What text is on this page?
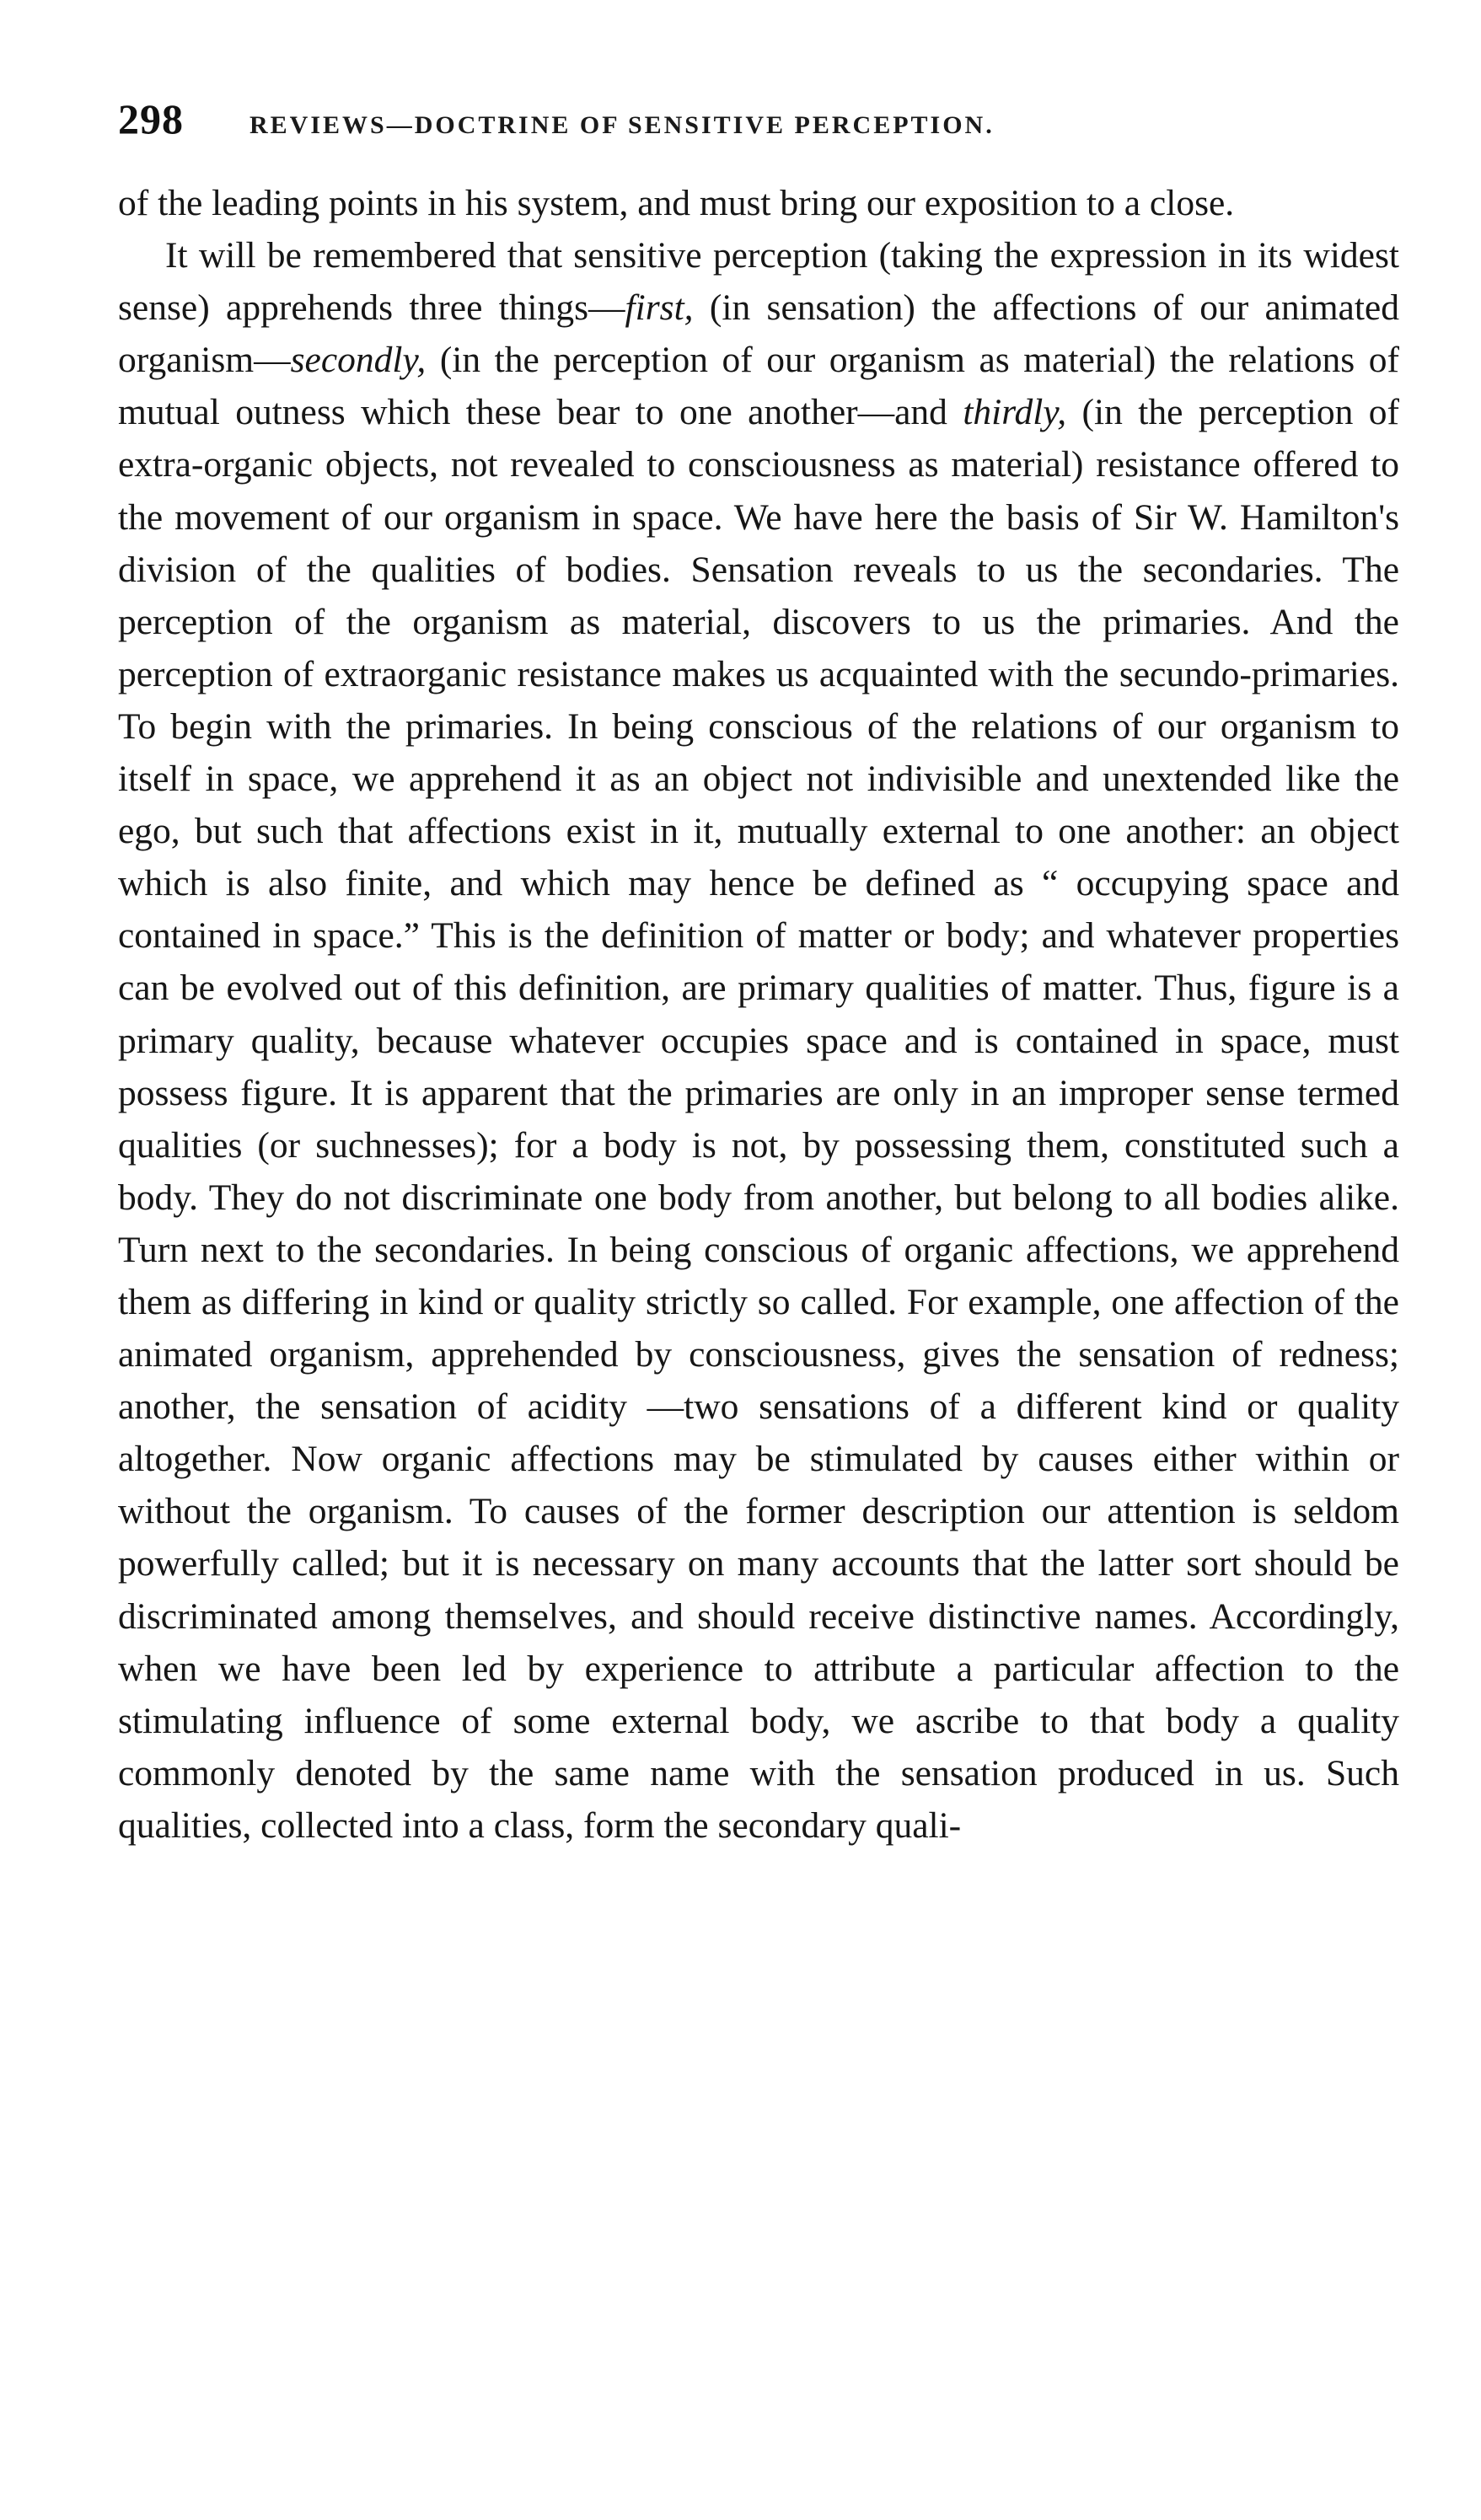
298	REVIEWS—DOCTRINE OF SENSITIVE PERCEPTION.

of the leading points in his system, and must bring our exposition to a close.

It will be remembered that sensitive perception (taking the expression in its widest sense) apprehends three things—first, (in sensation) the affections of our animated organism—secondly, (in the perception of our organism as material) the relations of mutual outness which these bear to one another—and thirdly, (in the perception of extra-organic objects, not revealed to consciousness as material) resistance offered to the movement of our organism in space. We have here the basis of Sir W. Hamilton's division of the qualities of bodies. Sensation reveals to us the secondaries. The perception of the organism as material, discovers to us the primaries. And the perception of extraorganic resistance makes us acquainted with the secundo-primaries. To begin with the primaries. In being conscious of the relations of our organism to itself in space, we apprehend it as an object not indivisible and unextended like the ego, but such that affections exist in it, mutually external to one another: an object which is also finite, and which may hence be defined as “ occupying space and contained in space.” This is the definition of matter or body; and whatever properties can be evolved out of this definition, are primary qualities of matter. Thus, figure is a primary quality, because whatever occupies space and is contained in space, must possess figure. It is apparent that the primaries are only in an improper sense termed qualities (or suchnesses); for a body is not, by possessing them, constituted such a body. They do not discriminate one body from another, but belong to all bodies alike. Turn next to the secondaries. In being conscious of organic affections, we apprehend them as differing in kind or quality strictly so called. For example, one affection of the animated organism, apprehended by consciousness, gives the sensation of redness; another, the sensation of acidity —two sensations of a different kind or quality altogether. Now organic affections may be stimulated by causes either within or without the organism. To causes of the former description our attention is seldom powerfully called; but it is necessary on many accounts that the latter sort should be discriminated among themselves, and should receive distinctive names. Accordingly, when we have been led by experience to attribute a particular affection to the stimulating influence of some external body, we ascribe to that body a quality commonly denoted by the same name with the sensation produced in us. Such qualities, collected into a class, form the secondary quali-
